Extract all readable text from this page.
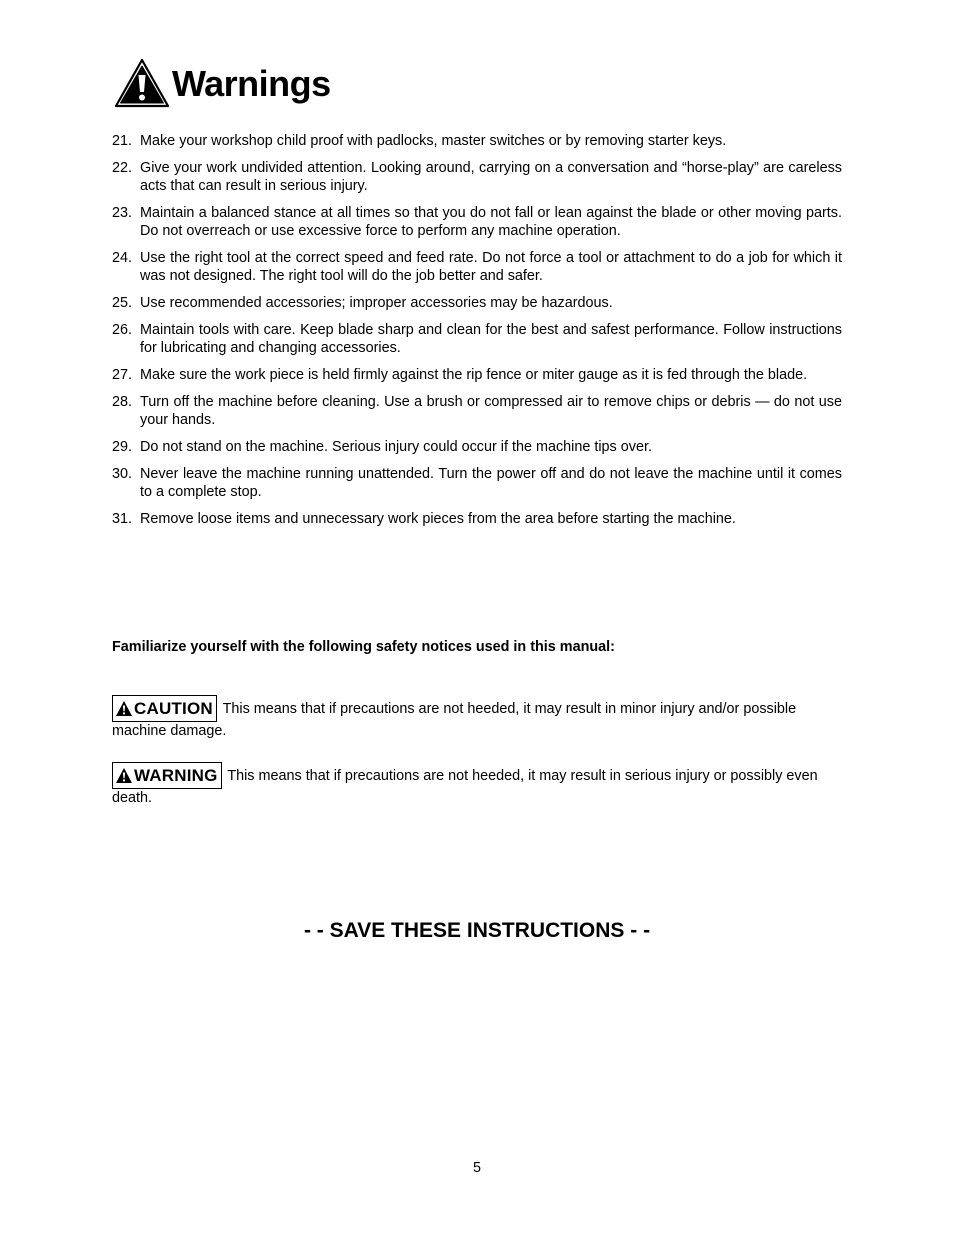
Warnings
21. Make your workshop child proof with padlocks, master switches or by removing starter keys.
22. Give your work undivided attention. Looking around, carrying on a conversation and “horse-play” are careless acts that can result in serious injury.
23. Maintain a balanced stance at all times so that you do not fall or lean against the blade or other moving parts. Do not overreach or use excessive force to perform any machine operation.
24. Use the right tool at the correct speed and feed rate. Do not force a tool or attachment to do a job for which it was not designed. The right tool will do the job better and safer.
25. Use recommended accessories; improper accessories may be hazardous.
26. Maintain tools with care. Keep blade sharp and clean for the best and safest performance. Follow instructions for lubricating and changing accessories.
27. Make sure the work piece is held firmly against the rip fence or miter gauge as it is fed through the blade.
28. Turn off the machine before cleaning. Use a brush or compressed air to remove chips or debris — do not use your hands.
29. Do not stand on the machine. Serious injury could occur if the machine tips over.
30. Never leave the machine running unattended. Turn the power off and do not leave the machine until it comes to a complete stop.
31. Remove loose items and unnecessary work pieces from the area before starting the machine.
Familiarize yourself with the following safety notices used in this manual:
CAUTION This means that if precautions are not heeded, it may result in minor injury and/or possible machine damage.
WARNING This means that if precautions are not heeded, it may result in serious injury or possibly even death.
- - SAVE THESE INSTRUCTIONS - -
5
